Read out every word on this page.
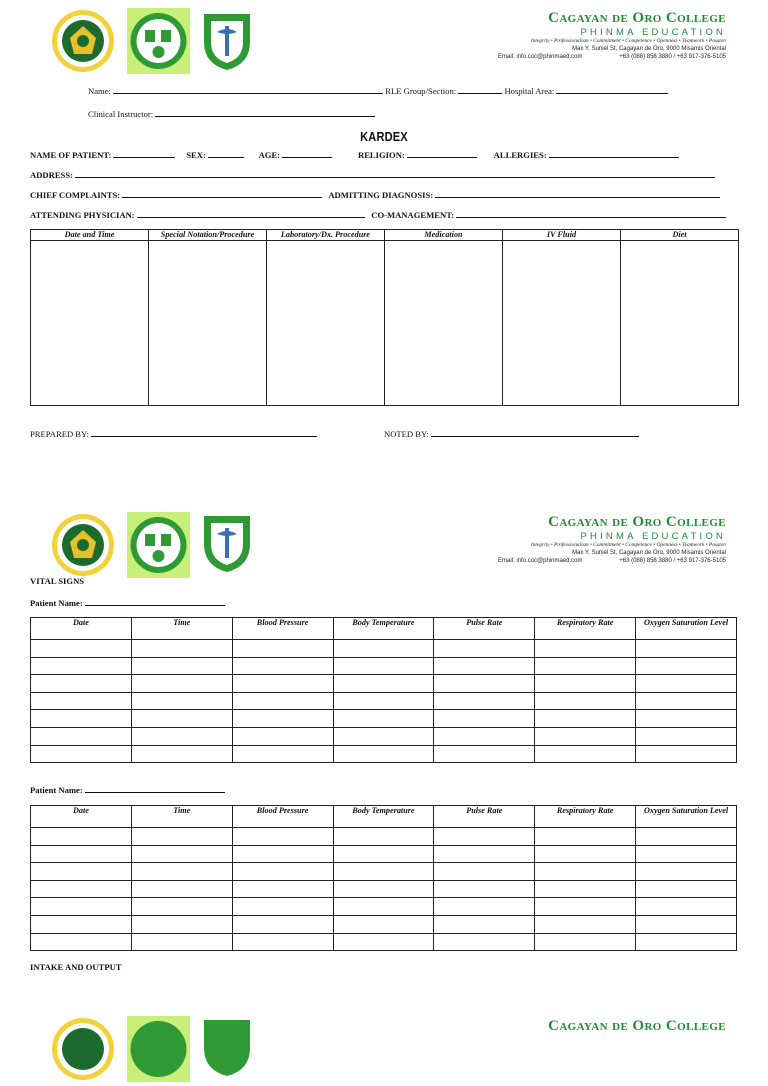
Cagayan de Oro College
PHINMA EDUCATION
Integrity • Professionalism • Commitment • Competence • Openness • Teamwork • Passion
Max Y. Suniel St, Cagayan de Oro, 9000 Misamis Oriental
Email: info.coc@phinmaed.com	+63 (088) 858 3880 / +63 917-376-5105
Name:	RLE Group/Section:	Hospital Area:
Clinical Instructor:
KARDEX
NAME OF PATIENT:	SEX:	AGE:	RELIGION:	ALLERGIES:
ADDRESS:
CHIEF COMPLAINTS:	ADMITTING DIAGNOSIS:
ATTENDING PHYSICIAN:	CO-MANAGEMENT:
Date and Time	Special Notation/Procedure	Laboratory/Dx. Procedure	Medication	IV Fluid	Diet

PREPARED BY:	NOTED BY:
Cagayan de Oro College
PHINMA EDUCATION
Integrity • Professionalism • Commitment • Competence • Openness • Teamwork • Passion
Max Y. Suniel St, Cagayan de Oro, 9000 Misamis Oriental
Email: info.coc@phinmaed.com	+63 (088) 858 3880 / +63 917-376-5105
VITAL SIGNS
Patient Name:
Date	Time	Blood Pressure	Body Temperature	Pulse Rate	Respiratory Rate	Oxygen Saturation Level

Patient Name:
Date	Time	Blood Pressure	Body Temperature	Pulse Rate	Respiratory Rate	Oxygen Saturation Level

INTAKE AND OUTPUT
Cagayan de Oro College
